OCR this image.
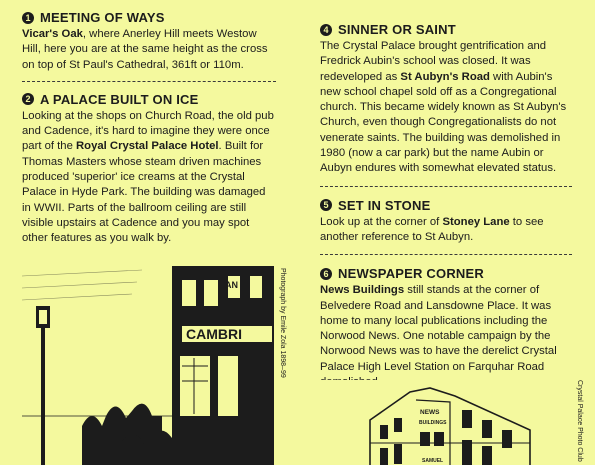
1 MEETING OF WAYS

Vicar's Oak, where Anerley Hill meets Westow Hill, here you are at the same height as the cross on top of St Paul's Cathedral, 361ft or 110m.

2 A PALACE BUILT ON ICE

Looking at the shops on Church Road, the old pub and Cadence, it's hard to imagine they were once part of the Royal Crystal Palace Hotel. Built for Thomas Masters whose steam driven machines produced 'superior' ice creams at the Crystal Palace in Hyde Park. The building was damaged in WWII. Parts of the ballroom ceiling are still visible upstairs at Cadence and you may spot other features as you walk by.

FAN
CAMBRI	Photograph by Emile Zola 1898–99
4 SINNER OR SAINT

The Crystal Palace brought gentrification and Fredrick Aubin's school was closed. It was redeveloped as St Aubyn's Road with Aubin's new school chapel sold off as a Congregational church. This became widely known as St Aubyn's Church, even though Congregationalists do not venerate saints. The building was demolished in 1980 (now a car park) but the name Aubin or Aubyn endures with somewhat elevated status.

5 SET IN STONE

Look up at the corner of Stoney Lane to see another reference to St Aubyn.

6 NEWSPAPER CORNER

News Buildings still stands at the corner of Belvedere Road and Lansdowne Place. It was home to many local publications including the Norwood News. One notable campaign by the Norwood News was to have the derelict Crystal Palace High Level Station on Farquhar Road

NEWS
BUILDINGS
SAMUEL	Crystal Palace Photo Club
